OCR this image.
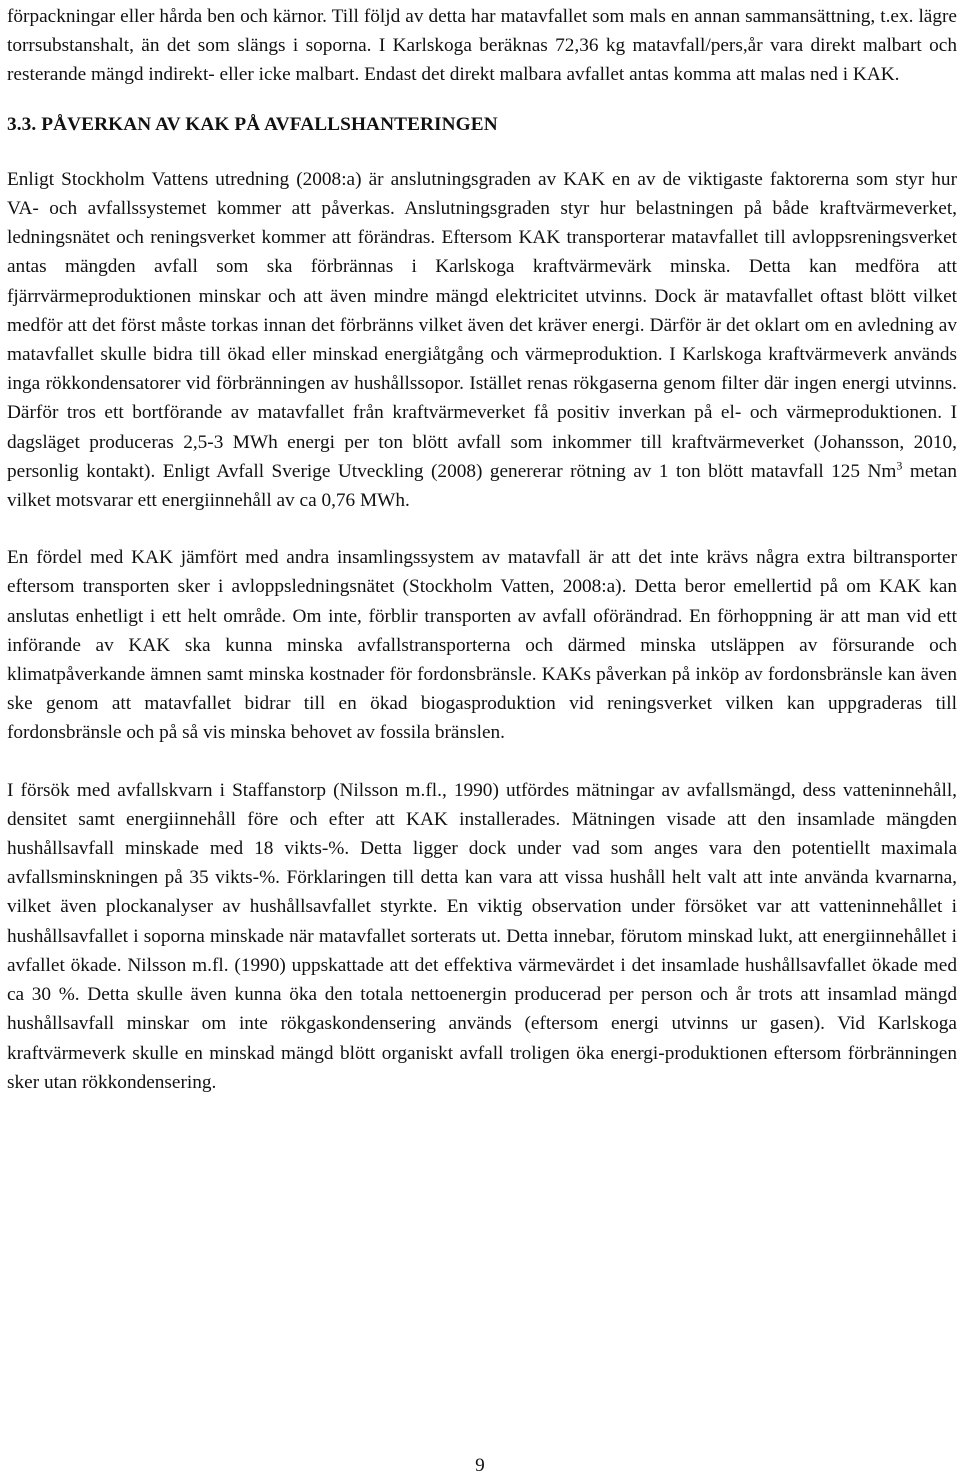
förpackningar eller hårda ben och kärnor. Till följd av detta har matavfallet som mals en annan sammansättning, t.ex. lägre torrsubstanshalt, än det som slängs i soporna. I Karlskoga beräknas 72,36 kg matavfall/pers,år vara direkt malbart och resterande mängd indirekt- eller icke malbart. Endast det direkt malbara avfallet antas komma att malas ned i KAK.

3.3. PÅVERKAN AV KAK PÅ AVFALLSHANTERINGEN

Enligt Stockholm Vattens utredning (2008:a) är anslutningsgraden av KAK en av de viktigaste faktorerna som styr hur VA- och avfallssystemet kommer att påverkas. Anslutningsgraden styr hur belastningen på både kraftvärmeverket, ledningsnätet och reningsverket kommer att förändras. Eftersom KAK transporterar matavfallet till avloppsreningsverket antas mängden avfall som ska förbrännas i Karlskoga kraftvärmevärk minska. Detta kan medföra att fjärrvärmeproduktionen minskar och att även mindre mängd elektricitet utvinns. Dock är matavfallet oftast blött vilket medför att det först måste torkas innan det förbränns vilket även det kräver energi. Därför är det oklart om en avledning av matavfallet skulle bidra till ökad eller minskad energiåtgång och värmeproduktion. I Karlskoga kraftvärmeverk används inga rökkondensatorer vid förbränningen av hushållssopor. Istället renas rökgaserna genom filter där ingen energi utvinns. Därför tros ett bortförande av matavfallet från kraftvärmeverket få positiv inverkan på el- och värmeproduktionen. I dagsläget produceras 2,5-3 MWh energi per ton blött avfall som inkommer till kraftvärmeverket (Johansson, 2010, personlig kontakt). Enligt Avfall Sverige Utveckling (2008) genererar rötning av 1 ton blött matavfall 125 Nm$^3$ metan vilket motsvarar ett energiinnehåll av ca 0,76 MWh.

En fördel med KAK jämfört med andra insamlingssystem av matavfall är att det inte krävs några extra biltransporter eftersom transporten sker i avloppsledningsnätet (Stockholm Vatten, 2008:a). Detta beror emellertid på om KAK kan anslutas enhetligt i ett helt område. Om inte, förblir transporten av avfall oförändrad. En förhoppning är att man vid ett införande av KAK ska kunna minska avfallstransporterna och därmed minska utsläppen av försurande och klimatpåverkande ämnen samt minska kostnader för fordonsbränsle. KAKs påverkan på inköp av fordonsbränsle kan även ske genom att matavfallet bidrar till en ökad biogasproduktion vid reningsverket vilken kan uppgraderas till fordonsbränsle och på så vis minska behovet av fossila bränslen.

I försök med avfallskvarn i Staffanstorp (Nilsson m.fl., 1990) utfördes mätningar av avfallsmängd, dess vatteninnehåll, densitet samt energiinnehåll före och efter att KAK installerades. Mätningen visade att den insamlade mängden hushållsavfall minskade med 18 vikts-%. Detta ligger dock under vad som anges vara den potentiellt maximala avfallsminskningen på 35 vikts-%. Förklaringen till detta kan vara att vissa hushåll helt valt att inte använda kvarnarna, vilket även plockanalyser av hushållsavfallet styrkte. En viktig observation under försöket var att vatteninnehållet i hushållsavfallet i soporna minskade när matavfallet sorterats ut. Detta innebar, förutom minskad lukt, att energiinnehållet i avfallet ökade. Nilsson m.fl. (1990) uppskattade att det effektiva värmevärdet i det insamlade hushållsavfallet ökade med ca 30 %. Detta skulle även kunna öka den totala nettoenergin producerad per person och år trots att insamlad mängd hushållsavfall minskar om inte rökgaskondensering används (eftersom energi utvinns ur gasen). Vid Karlskoga kraftvärmeverk skulle en minskad mängd blött organiskt avfall troligen öka energi-produktionen eftersom förbränningen sker utan rökkondensering.

9
